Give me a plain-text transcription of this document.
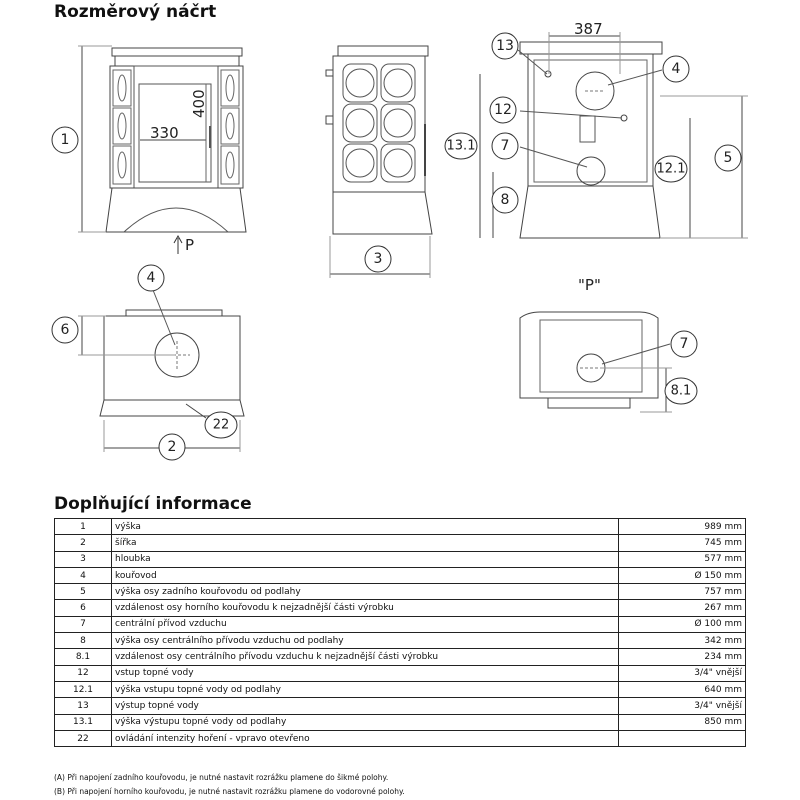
Rozměrový náčrt
1
3
13
4
12
13.1 7
12.1
5
8
4
6
2
22
7
8.1
387
330
400
P
"P"
Doplňující informace
1	výška	989 mm
2	šířka	745 mm
3	hloubka	577 mm
4	kouřovod	Ø 150 mm
5	výška osy zadního kouřovodu od podlahy	757 mm
6	vzdálenost osy horního kouřovodu k nejzadnější části výrobku	267 mm
7	centrální přívod vzduchu	Ø 100 mm
8	výška osy centrálního přívodu vzduchu od podlahy	342 mm
8.1	vzdálenost osy centrálního přívodu vzduchu k nejzadnější části výrobku	234 mm
12	vstup topné vody	3/4" vnější
12.1	výška vstupu topné vody od podlahy	640 mm
13	výstup topné vody	3/4" vnější
13.1	výška výstupu topné vody od podlahy	850 mm
22	ovládání intenzity hoření - vpravo otevřeno	
(A) Při napojení zadního kouřovodu, je nutné nastavit rozrážku plamene do šikmé polohy.
(B) Při napojení horního kouřovodu, je nutné nastavit rozrážku plamene do vodorovné polohy.
